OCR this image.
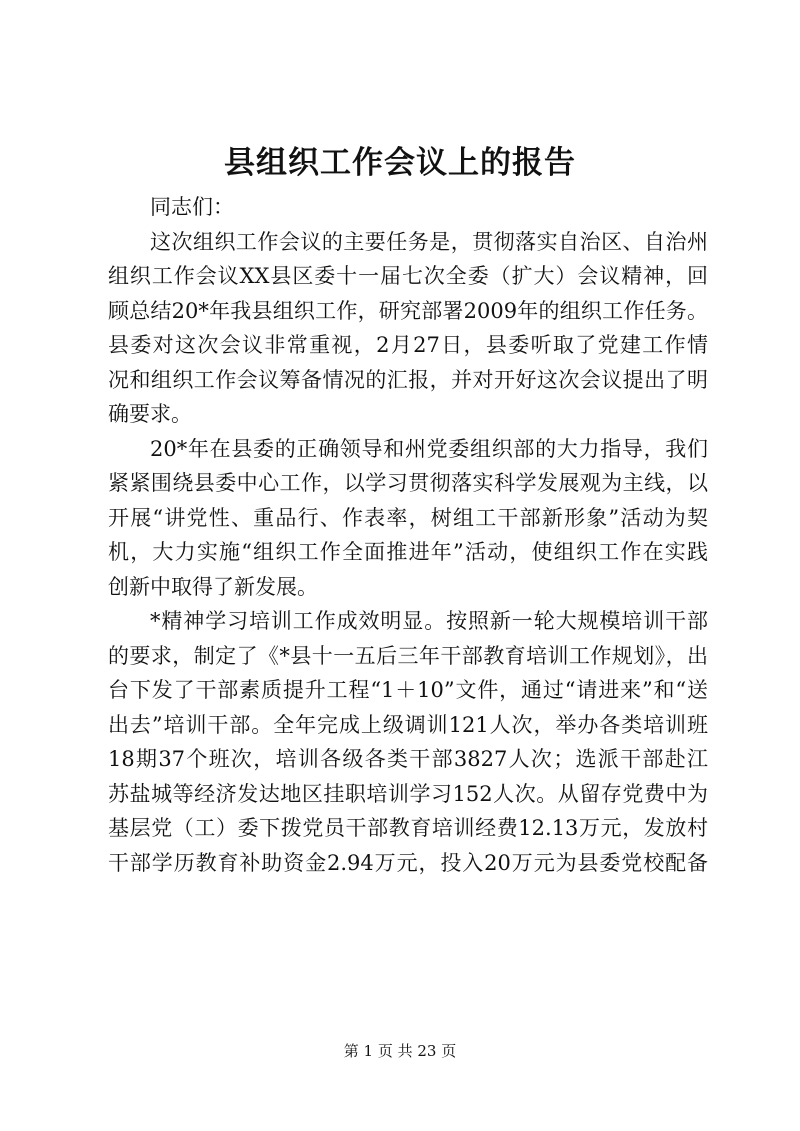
县组织工作会议上的报告
同志们：
这次组织工作会议的主要任务是，贯彻落实自治区、自治州
组织工作会议XX县区委十一届七次全委（扩大）会议精神，回
顾总结20*年我县组织工作，研究部署2009年的组织工作任务。
县委对这次会议非常重视，2月27日，县委听取了党建工作情
况和组织工作会议筹备情况的汇报，并对开好这次会议提出了明
确要求。
20*年在县委的正确领导和州党委组织部的大力指导，我们
紧紧围绕县委中心工作，以学习贯彻落实科学发展观为主线，以
开展“讲党性、重品行、作表率，树组工干部新形象”活动为契
机，大力实施“组织工作全面推进年”活动，使组织工作在实践
创新中取得了新发展。
*精神学习培训工作成效明显。按照新一轮大规模培训干部
的要求，制定了《*县十一五后三年干部教育培训工作规划》，出
台下发了干部素质提升工程“1＋10”文件，通过“请进来”和“送
出去”培训干部。全年完成上级调训121人次，举办各类培训班
18期37个班次，培训各级各类干部3827人次；选派干部赴江
苏盐城等经济发达地区挂职培训学习152人次。从留存党费中为
基层党（工）委下拨党员干部教育培训经费12.13万元，发放村
干部学历教育补助资金2.94万元，投入20万元为县委党校配备
第 1 页 共 23 页
